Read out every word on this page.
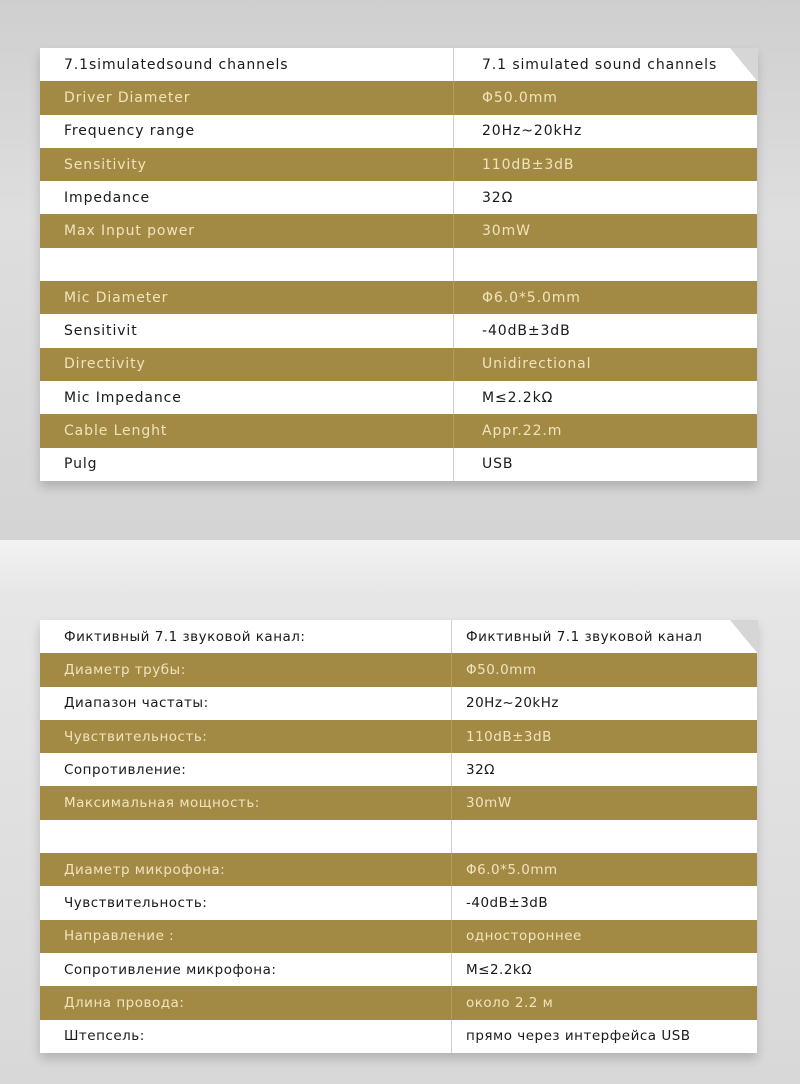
7.1simulatedsound channels	7.1 simulated sound channels
Driver Diameter	Φ50.0mm
Frequency range	20Hz~20kHz
Sensitivity	110dB±3dB
Impedance	32Ω
Max Input power	30mW
Mic Diameter	Φ6.0*5.0mm
Sensitivit	-40dB±3dB
Directivity	Unidirectional
Mic Impedance	M≤2.2kΩ
Cable Lenght	Appr.22.m
Pulg	USB
Фиктивный 7.1 звуковой канал:	Фиктивный 7.1 звуковой канал
Диаметр трубы:	Φ50.0mm
Диапазон частаты:	20Hz~20kHz
Чувствительность:	110dB±3dB
Сопротивление:	32Ω
Максимальная мощность:	30mW
Диаметр микрофона:	Φ6.0*5.0mm
Чувствительность:	-40dB±3dB
Направление :	одностороннее
Сопротивление микрофона:	M≤2.2kΩ
Длина провода:	около 2.2 м
Штепсель:	прямо через интерфейса USB
